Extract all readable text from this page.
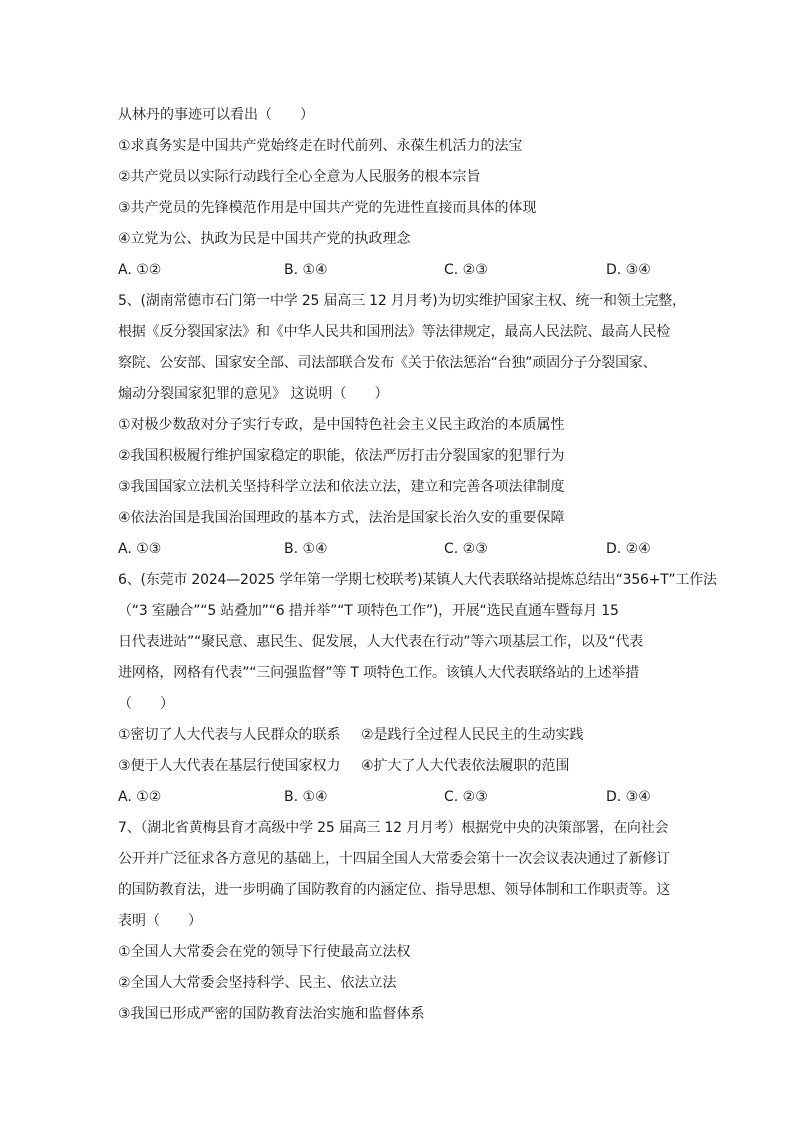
从林丹的事迹可以看出（　　）
①求真务实是中国共产党始终走在时代前列、永葆生机活力的法宝
②共产党员以实际行动践行全心全意为人民服务的根本宗旨
③共产党员的先锋模范作用是中国共产党的先进性直接而具体的体现
④立党为公、执政为民是中国共产党的执政理念
A. ①②	B. ①④	C. ②③	D. ③④
5、(湖南常德市石门第一中学 25 届高三 12 月月考)为切实维护国家主权、统一和领土完整，
根据《反分裂国家法》和《中华人民共和国刑法》等法律规定，最高人民法院、最高人民检
察院、公安部、国家安全部、司法部联合发布《关于依法惩治“台独”顽固分子分裂国家、
煽动分裂国家犯罪的意见》 这说明（　　）
①对极少数敌对分子实行专政，是中国特色社会主义民主政治的本质属性
②我国积极履行维护国家稳定的职能，依法严厉打击分裂国家的犯罪行为
③我国国家立法机关坚持科学立法和依法立法，建立和完善各项法律制度
④依法治国是我国治国理政的基本方式，法治是国家长治久安的重要保障
A. ①③	B. ①④	C. ②③	D. ②④
6、(东莞市 2024—2025 学年第一学期七校联考)某镇人大代表联络站提炼总结出“356+T”工作法
（“3 室融合”“5 站叠加”“6 措并举”“T 项特色工作”)，开展“选民直通车暨每月 15
日代表进站”“聚民意、惠民生、促发展，人大代表在行动”等六项基层工作，以及“代表
进网格，网格有代表”“三问强监督”等 T 项特色工作。该镇人大代表联络站的上述举措
（　　）
①密切了人大代表与人民群众的联系 ②是践行全过程人民民主的生动实践
③便于人大代表在基层行使国家权力 ④扩大了人大代表依法履职的范围
A. ①②	B. ①④	C. ②③	D. ③④
7、（湖北省黄梅县育才高级中学 25 届高三 12 月月考）根据党中央的决策部署，在向社会
公开并广泛征求各方意见的基础上，十四届全国人大常委会第十一次会议表决通过了新修订
的国防教育法，进一步明确了国防教育的内涵定位、指导思想、领导体制和工作职责等。这
表明（　　）
①全国人大常委会在党的领导下行使最高立法权
②全国人大常委会坚持科学、民主、依法立法
③我国已形成严密的国防教育法治实施和监督体系
